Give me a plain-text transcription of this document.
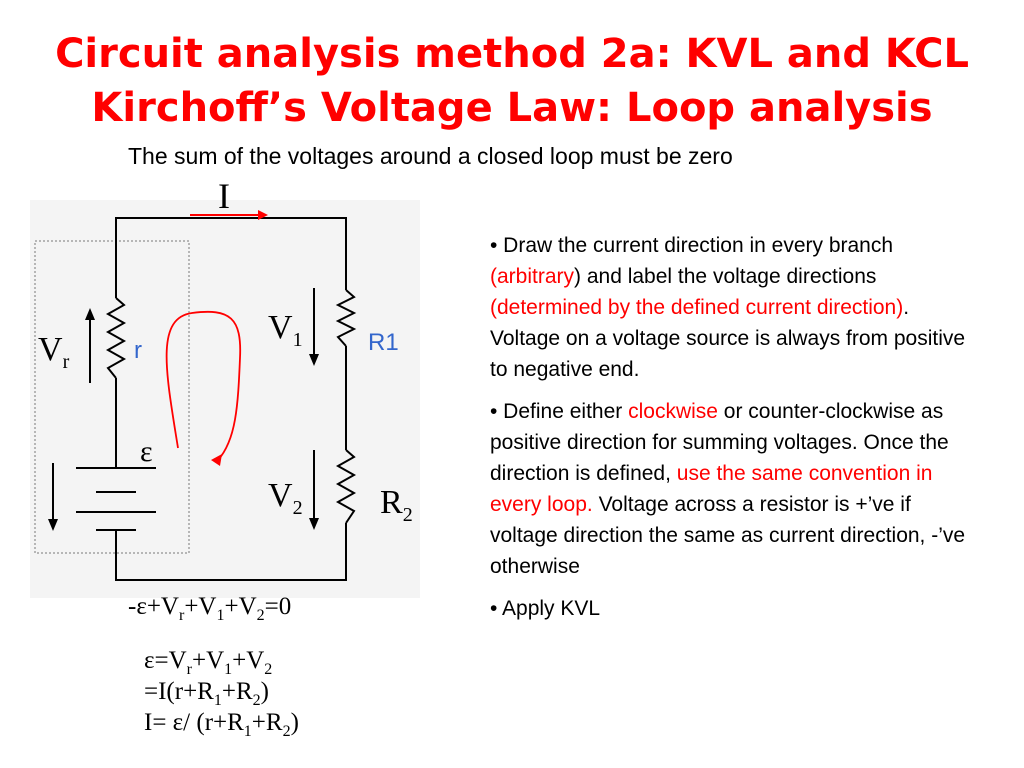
Circuit analysis method 2a: KVL and KCL
Kirchoff’s Voltage Law: Loop analysis

The sum of the voltages around a closed loop must be zero

I
$V_r$	r
$V_1$	R1
$V_2$ $R_2$
ε
$-\varepsilon+V_r+V_1+V_2=0$
$\varepsilon=V_r+V_1+V_2$
$=I(r+R_1+R_2)$
I= ε/ $(r+R_1+R_2)$

• Draw the current direction in every branch (arbitrary) and label the voltage directions (determined by the defined current direction). Voltage on a voltage source is always from positive to negative end.

• Define either clockwise or counter-clockwise as positive direction for summing voltages. Once the direction is defined, use the same convention in every loop. Voltage across a resistor is +’ve if voltage direction the same as current direction, -’ve otherwise

• Apply KVL
